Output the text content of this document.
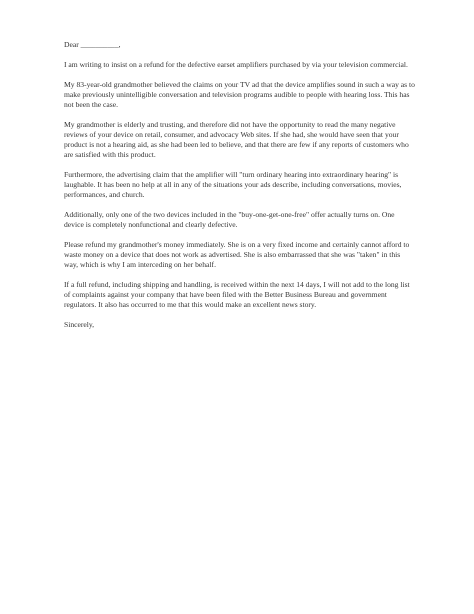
Dear __________,

I am writing to insist on a refund for the defective earset amplifiers purchased by via your television commercial.

My 83-year-old grandmother believed the claims on your TV ad that the device amplifies sound in such a way as to make previously unintelligible conversation and television programs audible to people with hearing loss. This has not been the case.

My grandmother is elderly and trusting, and therefore did not have the opportunity to read the many negative reviews of your device on retail, consumer, and advocacy Web sites. If she had, she would have seen that your product is not a hearing aid, as she had been led to believe, and that there are few if any reports of customers who are satisfied with this product.

Furthermore, the advertising claim that the amplifier will "turn ordinary hearing into extraordinary hearing" is laughable. It has been no help at all in any of the situations your ads describe, including conversations, movies, performances, and church.

Additionally, only one of the two devices included in the "buy-one-get-one-free" offer actually turns on. One device is completely nonfunctional and clearly defective.

Please refund my grandmother's money immediately. She is on a very fixed income and certainly cannot afford to waste money on a device that does not work as advertised. She is also embarrassed that she was "taken" in this way, which is why I am interceding on her behalf.

If a full refund, including shipping and handling, is received within the next 14 days, I will not add to the long list of complaints against your company that have been filed with the Better Business Bureau and government regulators. It also has occurred to me that this would make an excellent news story.

Sincerely,
